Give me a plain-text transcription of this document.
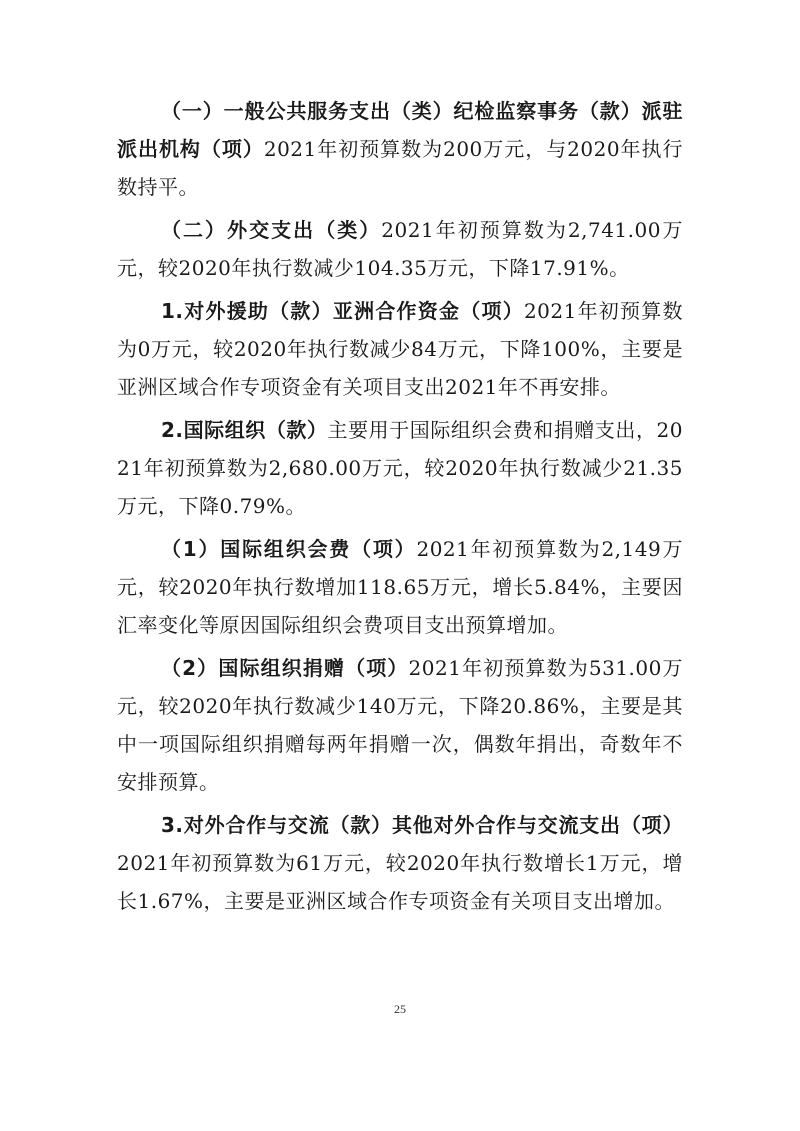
（一）一般公共服务支出（类）纪检监察事务（款）派驻派出机构（项）2021年初预算数为200万元，与2020年执行数持平。

（二）外交支出（类）2021年初预算数为2,741.00万元，较2020年执行数减少104.35万元，下降17.91%。

1.对外援助（款）亚洲合作资金（项）2021年初预算数为0万元，较2020年执行数减少84万元，下降100%，主要是亚洲区域合作专项资金有关项目支出2021年不再安排。

2.国际组织（款）主要用于国际组织会费和捐赠支出，2021年初预算数为2,680.00万元，较2020年执行数减少21.35万元，下降0.79%。

（1）国际组织会费（项）2021年初预算数为2,149万元，较2020年执行数增加118.65万元，增长5.84%，主要因汇率变化等原因国际组织会费项目支出预算增加。

（2）国际组织捐赠（项）2021年初预算数为531.00万元，较2020年执行数减少140万元，下降20.86%，主要是其中一项国际组织捐赠每两年捐赠一次，偶数年捐出，奇数年不安排预算。

3.对外合作与交流（款）其他对外合作与交流支出（项）2021年初预算数为61万元，较2020年执行数增长1万元，增长1.67%，主要是亚洲区域合作专项资金有关项目支出增加。

25
